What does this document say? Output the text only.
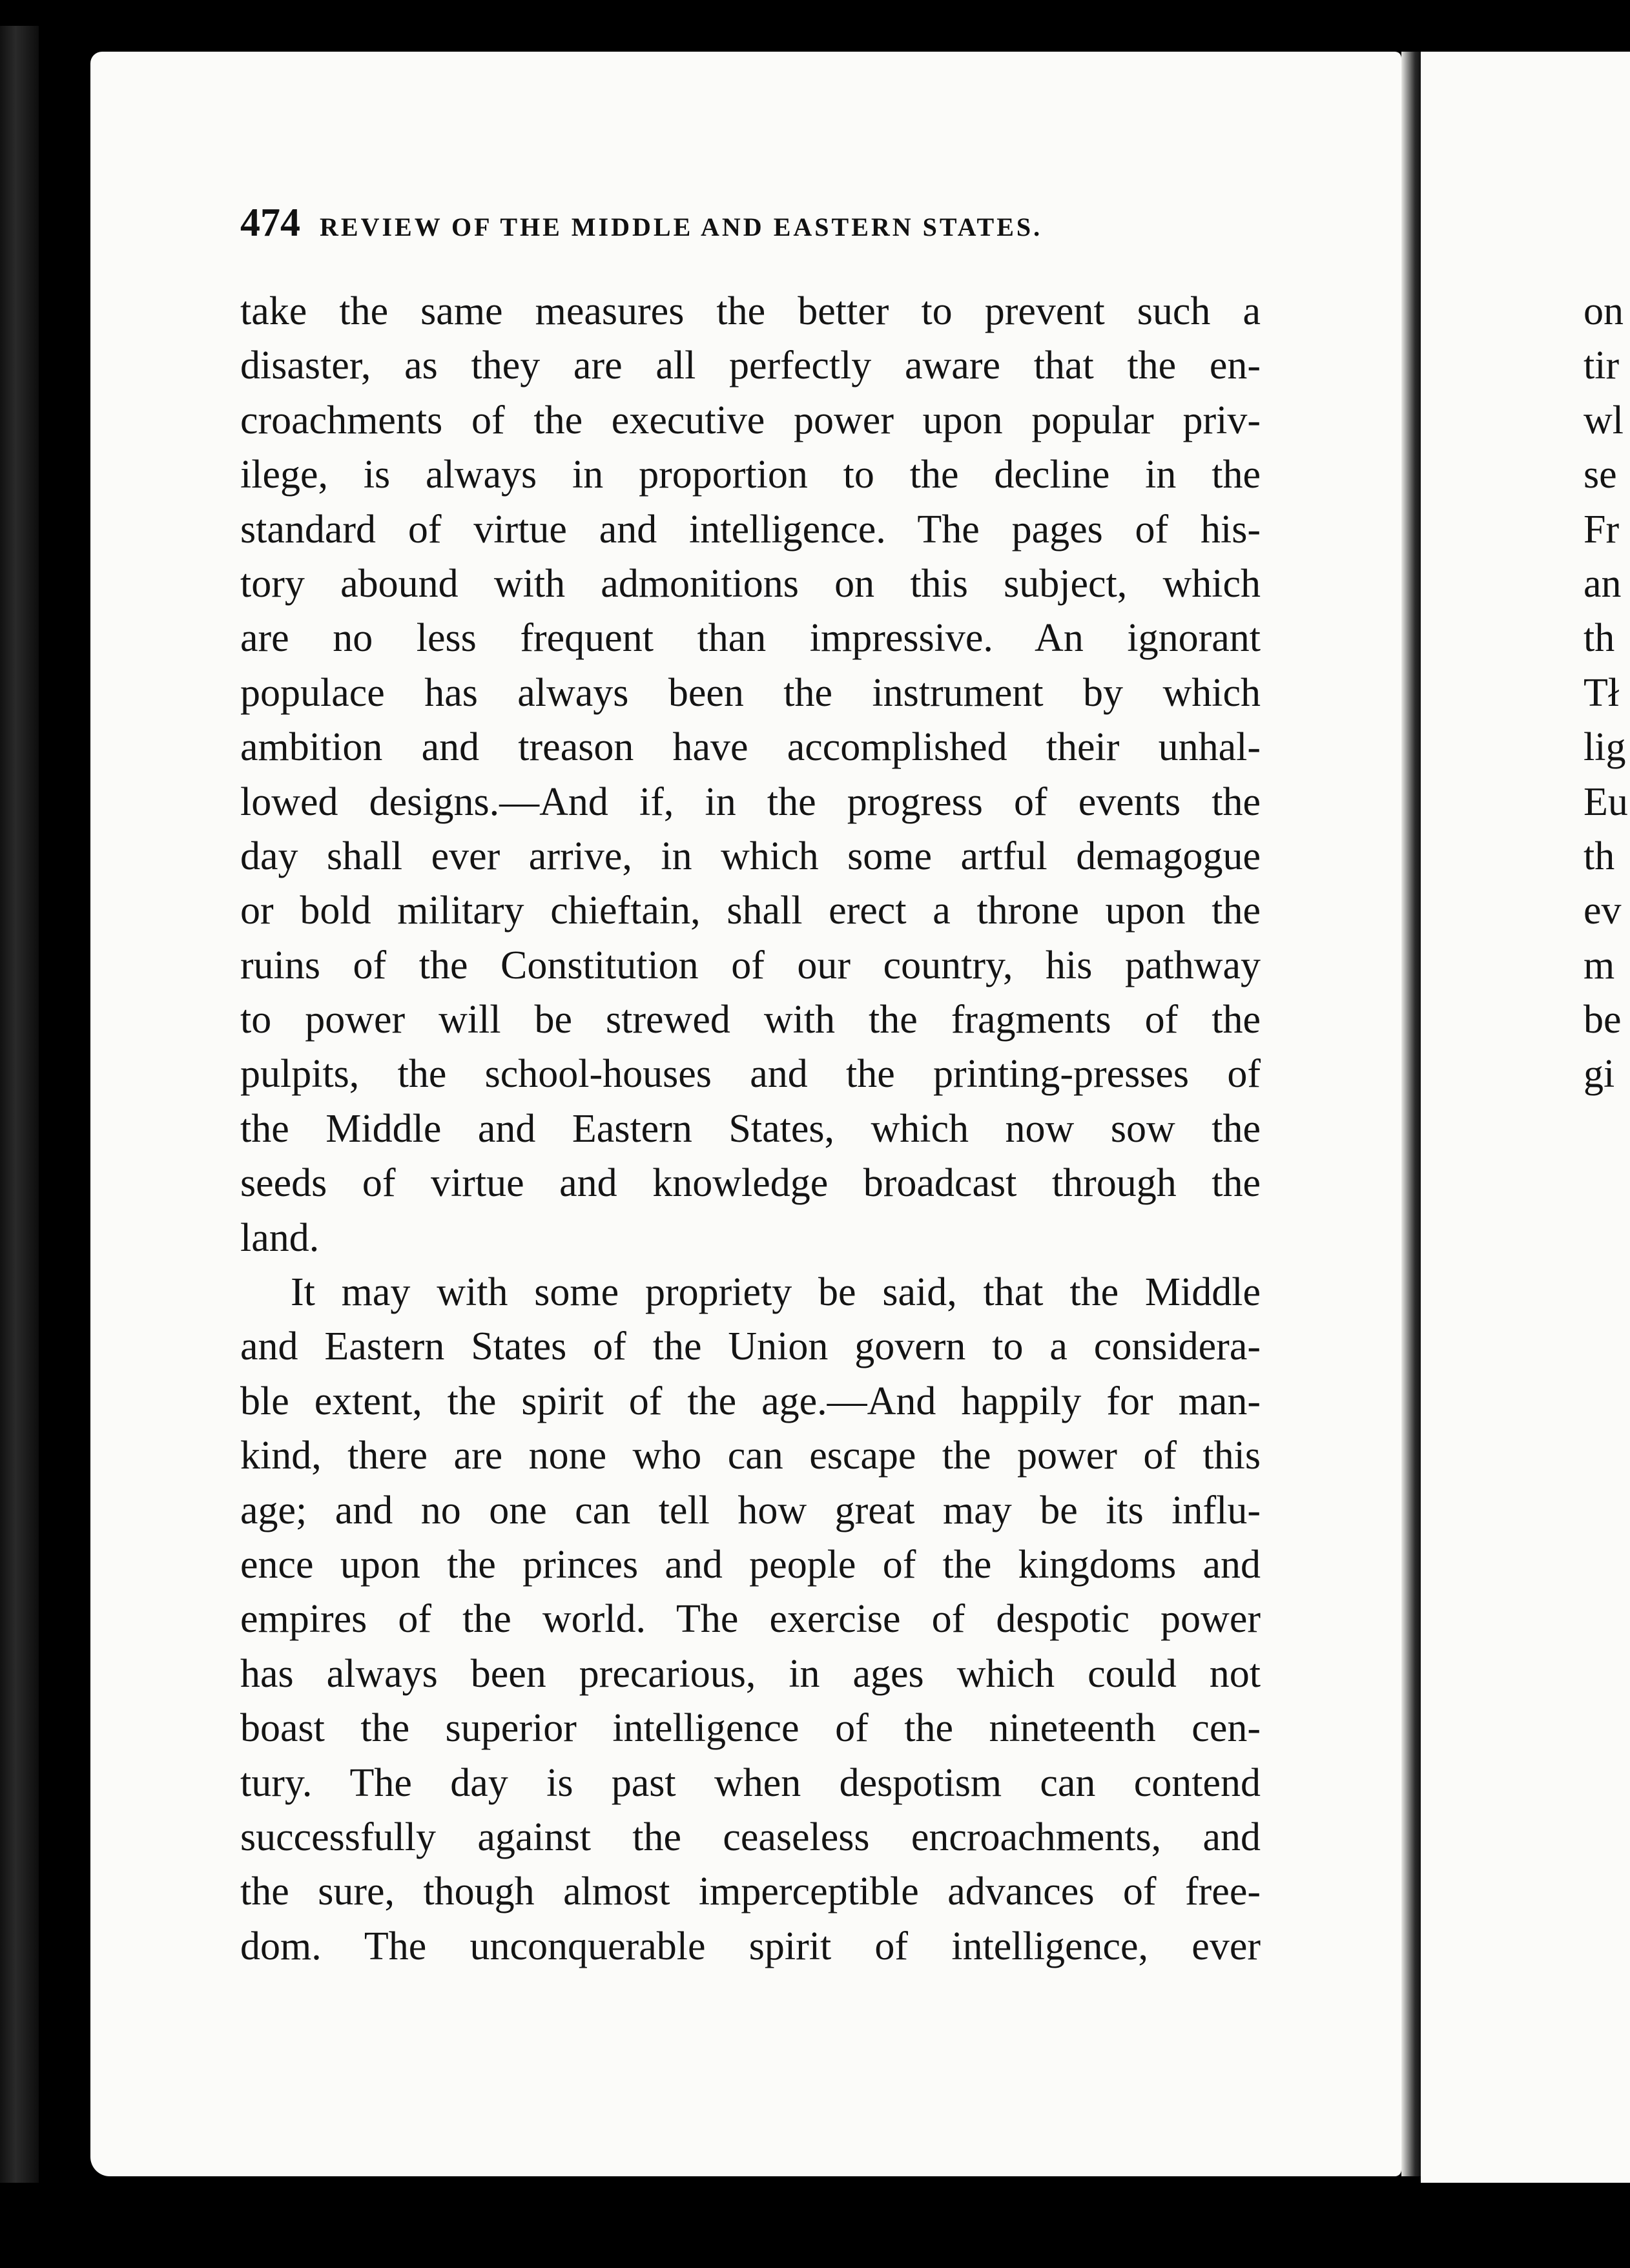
474 REVIEW OF THE MIDDLE AND EASTERN STATES.
take the same measures the better to prevent such a
disaster, as they are all perfectly aware that the en-
croachments of the executive power upon popular priv-
ilege, is always in proportion to the decline in the
standard of virtue and intelligence. The pages of his-
tory abound with admonitions on this subject, which
are no less frequent than impressive. An ignorant
populace has always been the instrument by which
ambition and treason have accomplished their unhal-
lowed designs.—And if, in the progress of events the
day shall ever arrive, in which some artful demagogue
or bold military chieftain, shall erect a throne upon the
ruins of the Constitution of our country, his pathway
to power will be strewed with the fragments of the
pulpits, the school-houses and the printing-presses of
the Middle and Eastern States, which now sow the
seeds of virtue and knowledge broadcast through the
land.
It may with some propriety be said, that the Middle
and Eastern States of the Union govern to a considera-
ble extent, the spirit of the age.—And happily for man-
kind, there are none who can escape the power of this
age; and no one can tell how great may be its influ-
ence upon the princes and people of the kingdoms and
empires of the world. The exercise of despotic power
has always been precarious, in ages which could not
boast the superior intelligence of the nineteenth cen-
tury. The day is past when despotism can contend
successfully against the ceaseless encroachments, and
the sure, though almost imperceptible advances of free-
dom. The unconquerable spirit of intelligence, ever
on
tir
wl
se
Fr
an
th
Tł
lig
Eu
th
ev
m
be
gi
